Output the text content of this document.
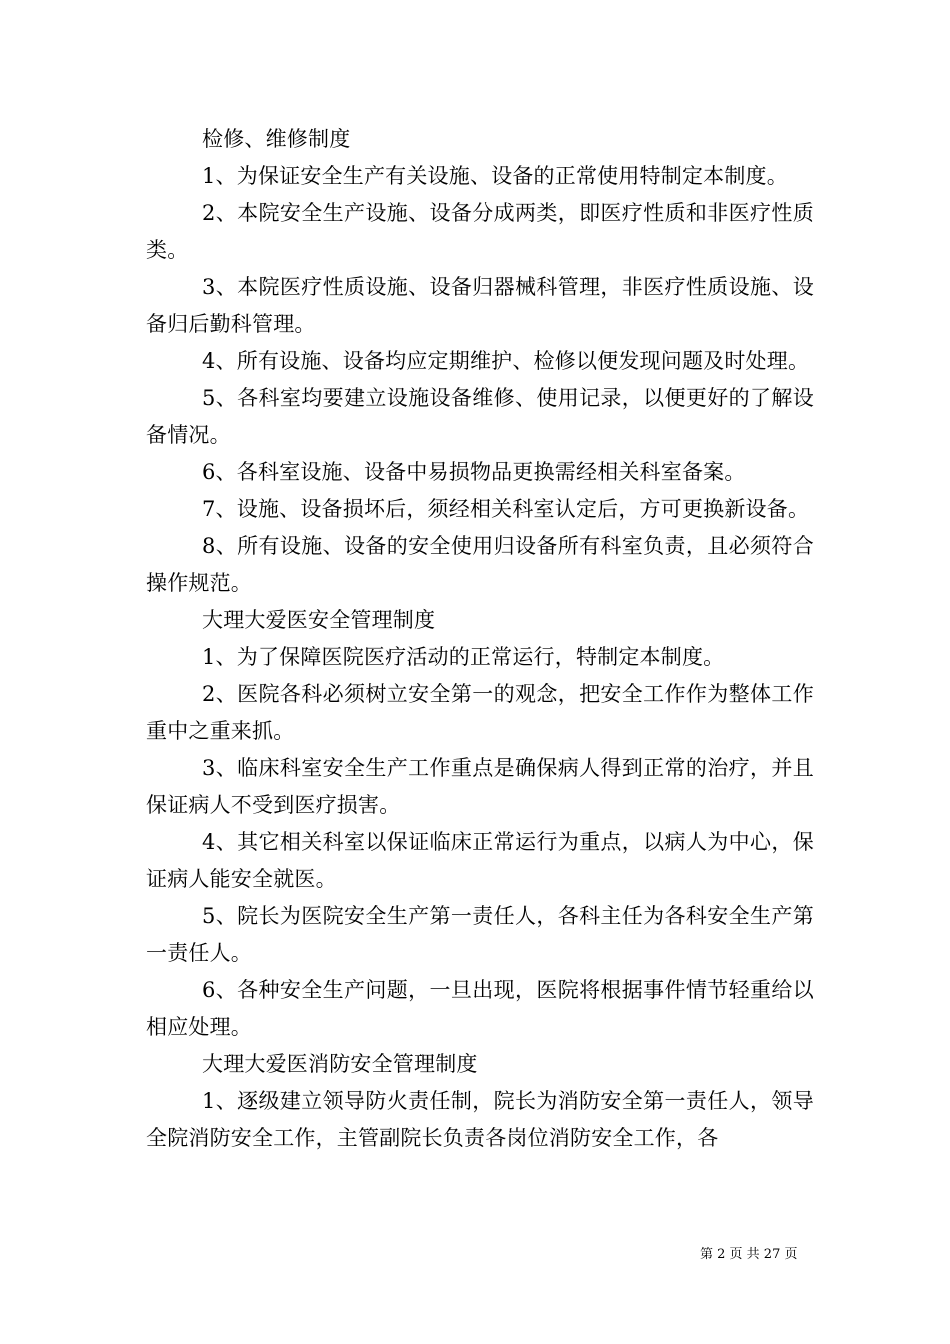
检修、维修制度

1、为保证安全生产有关设施、设备的正常使用特制定本制度。

2、本院安全生产设施、设备分成两类，即医疗性质和非医疗性质类。

3、本院医疗性质设施、设备归器械科管理，非医疗性质设施、设备归后勤科管理。

4、所有设施、设备均应定期维护、检修以便发现问题及时处理。

5、各科室均要建立设施设备维修、使用记录，以便更好的了解设备情况。

6、各科室设施、设备中易损物品更换需经相关科室备案。

7、设施、设备损坏后，须经相关科室认定后，方可更换新设备。

8、所有设施、设备的安全使用归设备所有科室负责，且必须符合操作规范。

大理大爱医安全管理制度

1、为了保障医院医疗活动的正常运行，特制定本制度。

2、医院各科必须树立安全第一的观念，把安全工作作为整体工作重中之重来抓。

3、临床科室安全生产工作重点是确保病人得到正常的治疗，并且保证病人不受到医疗损害。

4、其它相关科室以保证临床正常运行为重点，以病人为中心，保证病人能安全就医。

5、院长为医院安全生产第一责任人，各科主任为各科安全生产第一责任人。

6、各种安全生产问题，一旦出现，医院将根据事件情节轻重给以相应处理。

大理大爱医消防安全管理制度

1、逐级建立领导防火责任制，院长为消防安全第一责任人，领导全院消防安全工作，主管副院长负责各岗位消防安全工作，各

第 2 页 共 27 页
